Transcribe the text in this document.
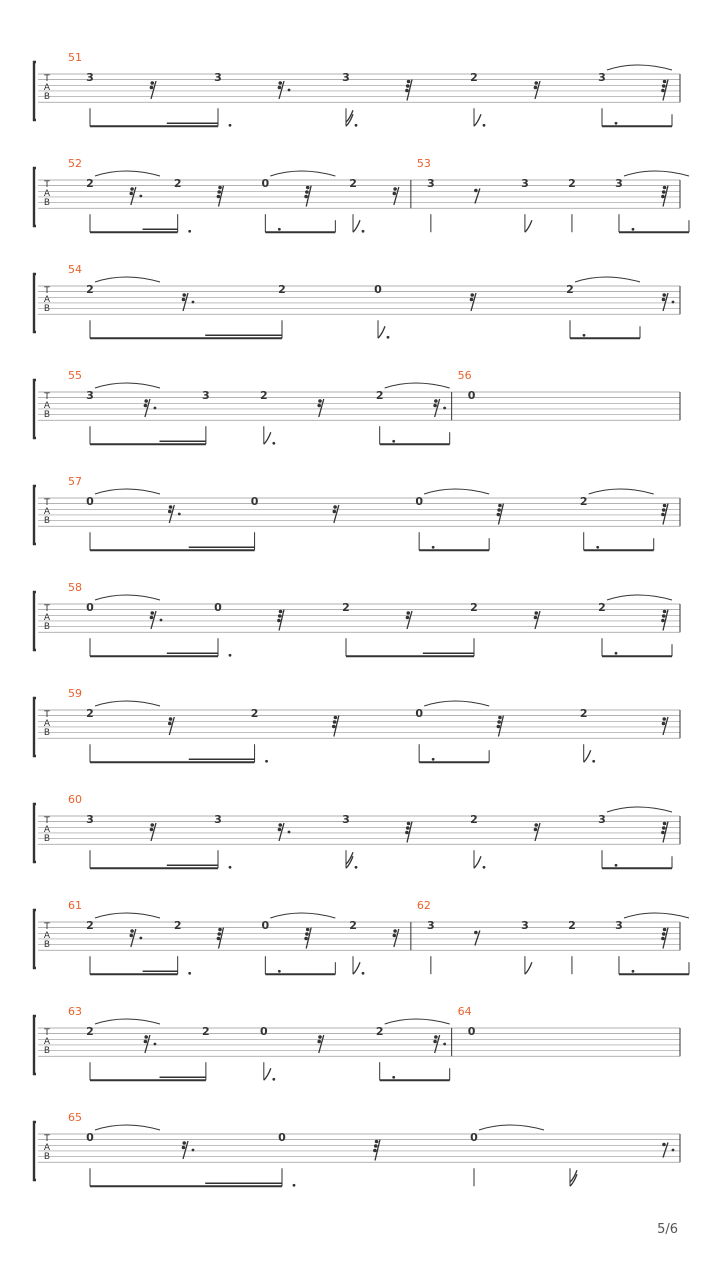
T
A
B
51
3	3	3	2	3
T
A
B
52
2	2	0	2
53
3	3	2	3
T
A
B
54
2	2	0	2
T
A
B
55
3	3	2	2
56
0
T
A
B
57
0	0	0	2
T
A
B
58
0	0	2	2	2
T
A
B
59
2	2	0	2
T
A
B
60
3	3	3	2	3
T
A
B
61
2	2	0	2
62
3	3	2	3
T
A
B
63
2	2	0	2
64
0
T
A
B
65
0	0	0
5/6
